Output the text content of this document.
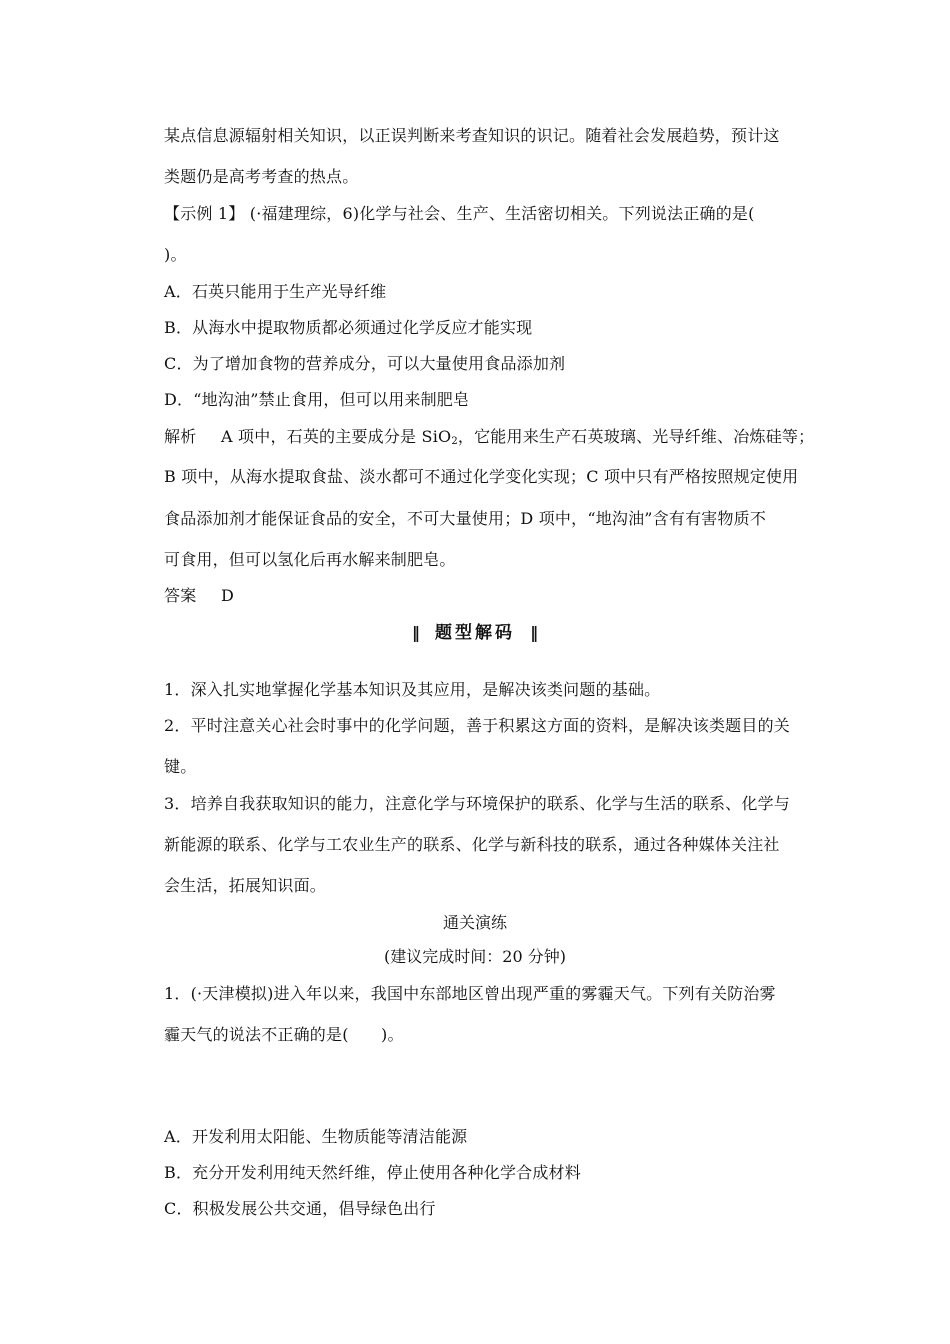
某点信息源辐射相关知识，以正误判断来考查知识的识记。随着社会发展趋势，预计这
类题仍是高考考查的热点。
【示例 1】 (·福建理综，6)化学与社会、生产、生活密切相关。下列说法正确的是(
)。
A．石英只能用于生产光导纤维
B．从海水中提取物质都必须通过化学反应才能实现
C．为了增加食物的营养成分，可以大量使用食品添加剂
D．“地沟油”禁止食用，但可以用来制肥皂
解析 A 项中，石英的主要成分是 SiO$_2$，它能用来生产石英玻璃、光导纤维、冶炼硅等；
B 项中，从海水提取食盐、淡水都可不通过化学变化实现；C 项中只有严格按照规定使用
食品添加剂才能保证食品的安全，不可大量使用；D 项中，“地沟油”含有有害物质不
可食用，但可以氢化后再水解来制肥皂。
答案 D
‖ 题型解码 ‖
1．深入扎实地掌握化学基本知识及其应用，是解决该类问题的基础。
2．平时注意关心社会时事中的化学问题，善于积累这方面的资料，是解决该类题目的关
键。
3．培养自我获取知识的能力，注意化学与环境保护的联系、化学与生活的联系、化学与
新能源的联系、化学与工农业生产的联系、化学与新科技的联系，通过各种媒体关注社
会生活，拓展知识面。
通关演练
(建议完成时间：20 分钟)
1．(·天津模拟)进入年以来，我国中东部地区曾出现严重的雾霾天气。下列有关防治雾
霾天气的说法不正确的是(　　)。
A．开发利用太阳能、生物质能等清洁能源
B．充分开发利用纯天然纤维，停止使用各种化学合成材料
C．积极发展公共交通，倡导绿色出行
